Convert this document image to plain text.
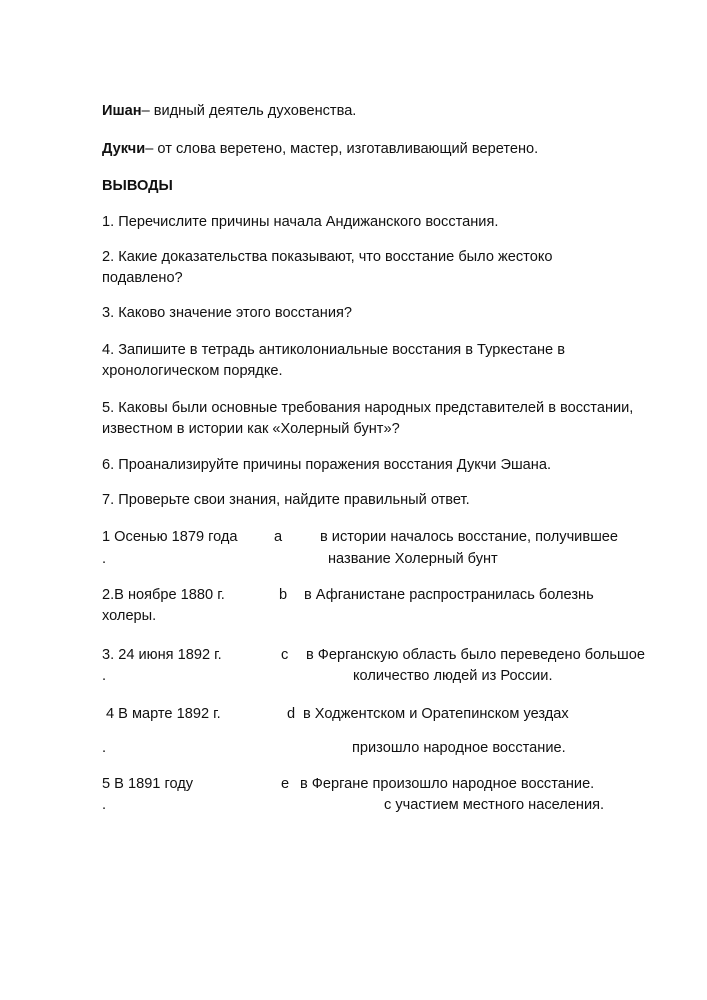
Ишан– видный деятель духовенства.
Дукчи– от слова веретено, мастер, изготавливающий веретено.
ВЫВОДЫ
1. Перечислите причины начала Андижанского восстания.
2. Какие доказательства показывают, что восстание было жестоко
подавлено?
3. Каково значение этого восстания?
4. Запишите в тетрадь антиколониальные восстания в Туркестане в
хронологическом порядке.
5. Каковы были основные требования народных представителей в восстании,
известном в истории как «Холерный бунт»?
6. Проанализируйте причины поражения восстания Дукчи Эшана.
7. Проверьте свои знания, найдите правильный ответ.
1 Осенью 1879 года a	в истории началось восстание, получившее
.	название Холерный бунт
2.В ноябре 1880 г.	b в Афганистане распространилась болезнь
холеры.
3. 24 июня 1892 г.	c в Ферганскую область было переведено большое
.	количество людей из России.
4 В марте 1892 г.	d в Ходжентском и Оратепинском уездах
.	призошло народное восстание.
5 В 1891 году	e в Фергане произошло народное восстание.
.	с участием местного населения.
